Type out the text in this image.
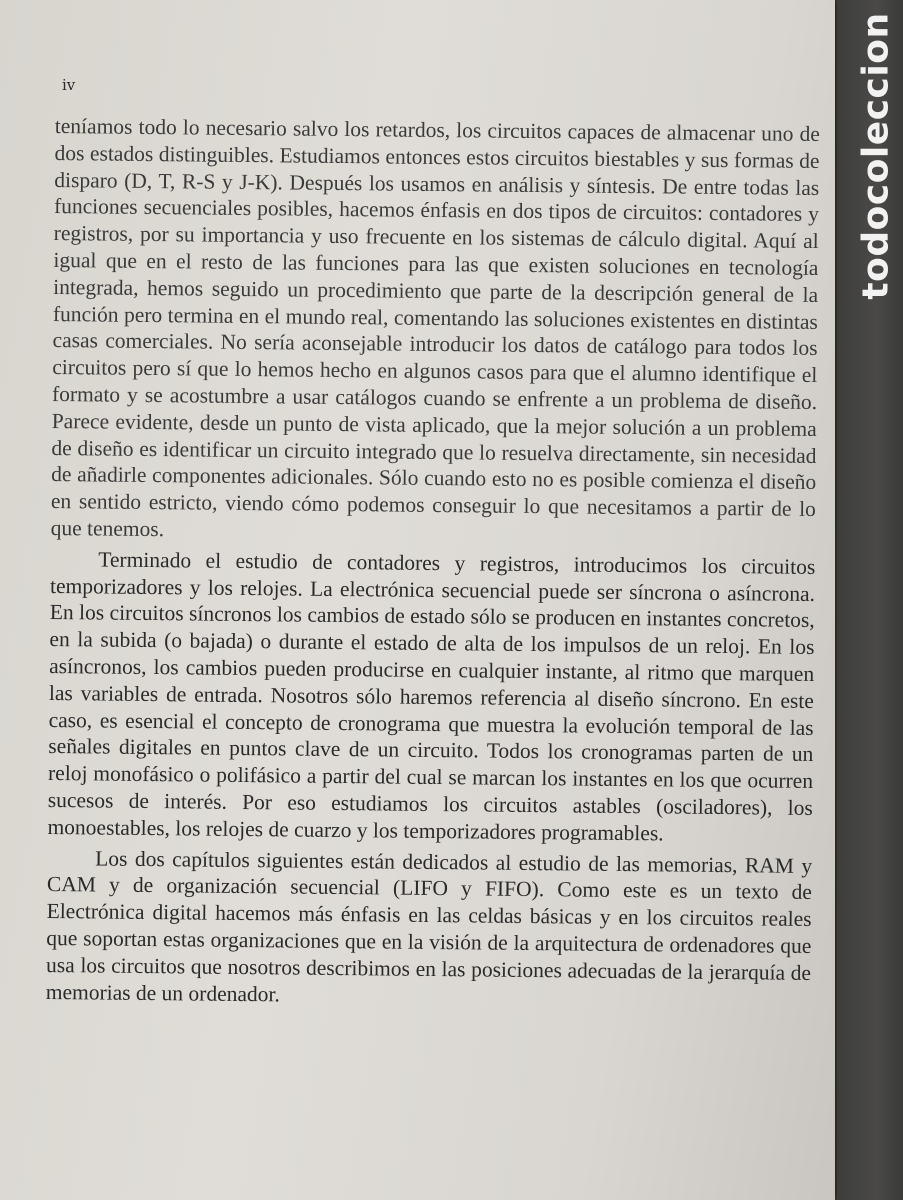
iv

teníamos todo lo necesario salvo los retardos, los circuitos capaces de almacenar uno de dos estados distinguibles. Estudiamos entonces estos circuitos biestables y sus formas de disparo (D, T, R-S y J-K). Después los usamos en análisis y síntesis. De entre todas las funciones secuenciales posibles, hacemos énfasis en dos tipos de circuitos: contadores y registros, por su importancia y uso frecuente en los sistemas de cálculo digital. Aquí al igual que en el resto de las funciones para las que existen soluciones en tecnología integrada, hemos seguido un procedimiento que parte de la descripción general de la función pero termina en el mundo real, comentando las soluciones existentes en distintas casas comerciales. No sería aconsejable introducir los datos de catálogo para todos los circuitos pero sí que lo hemos hecho en algunos casos para que el alumno identifique el formato y se acostumbre a usar catálogos cuando se enfrente a un problema de diseño. Parece evidente, desde un punto de vista aplicado, que la mejor solución a un problema de diseño es identificar un circuito integrado que lo resuelva directamente, sin necesidad de añadirle componentes adicionales. Sólo cuando esto no es posible comienza el diseño en sentido estricto, viendo cómo podemos conseguir lo que necesitamos a partir de lo que tenemos.

Terminado el estudio de contadores y registros, introducimos los circuitos temporizadores y los relojes. La electrónica secuencial puede ser síncrona o asíncrona. En los circuitos síncronos los cambios de estado sólo se producen en instantes concretos, en la subida (o bajada) o durante el estado de alta de los impulsos de un reloj. En los asíncronos, los cambios pueden producirse en cualquier instante, al ritmo que marquen las variables de entrada. Nosotros sólo haremos referencia al diseño síncrono. En este caso, es esencial el concepto de cronograma que muestra la evolución temporal de las señales digitales en puntos clave de un circuito. Todos los cronogramas parten de un reloj monofásico o polifásico a partir del cual se marcan los instantes en los que ocurren sucesos de interés. Por eso estudiamos los circuitos astables (osciladores), los monoestables, los relojes de cuarzo y los temporizadores programables.

Los dos capítulos siguientes están dedicados al estudio de las memorias, RAM y CAM y de organización secuencial (LIFO y FIFO). Como este es un texto de Electrónica digital hacemos más énfasis en las celdas básicas y en los circuitos reales que soportan estas organizaciones que en la visión de la arquitectura de ordenadores que usa los circuitos que nosotros describimos en las posiciones adecuadas de la jerarquía de memorias de un ordenador.

todocoleccion
